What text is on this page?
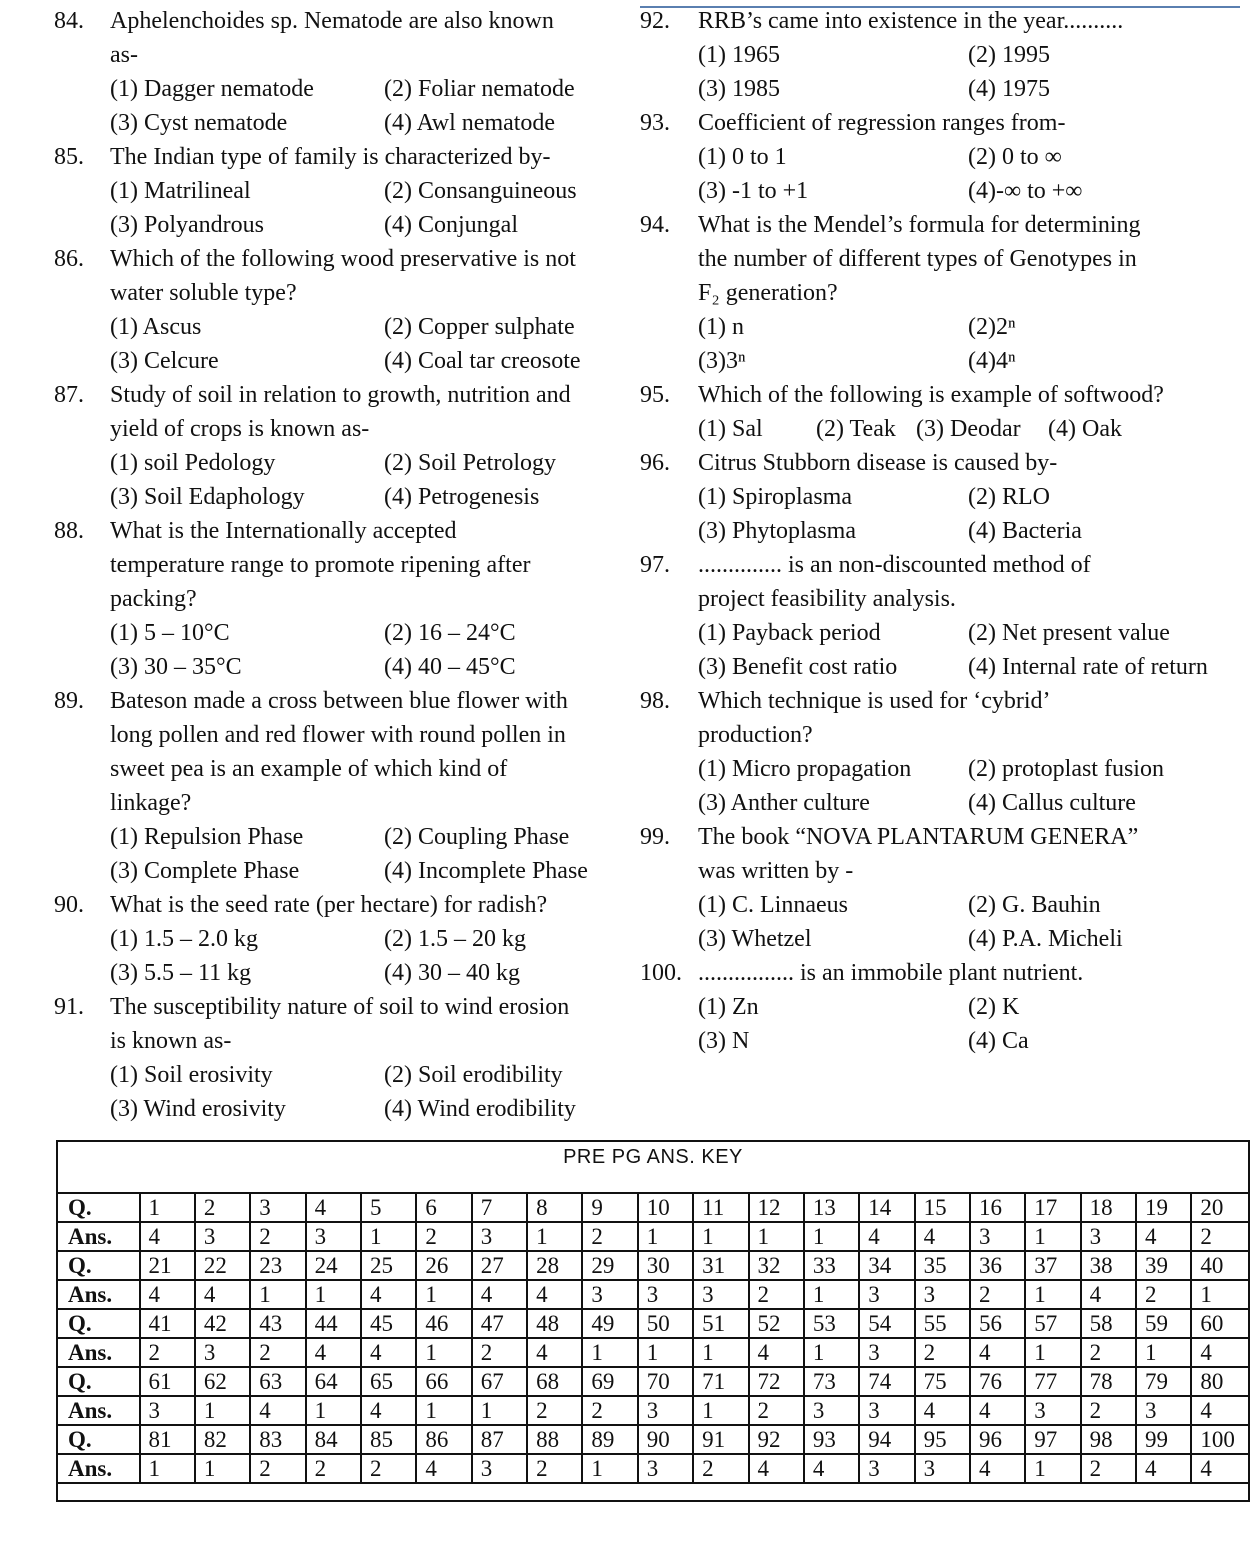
84.	Aphelenchoides sp. Nematode are also known
as-
(1) Dagger nematode	(2) Foliar nematode
(3) Cyst nematode	(4) Awl nematode
85.	The Indian type of family is characterized by-
(1) Matrilineal	(2) Consanguineous
(3) Polyandrous	(4) Conjungal
86.	Which of the following wood preservative is not
water soluble type?
(1) Ascus	(2) Copper sulphate
(3) Celcure	(4) Coal tar creosote
87.	Study of soil in relation to growth, nutrition and
yield of crops is known as-
(1) soil Pedology	(2) Soil Petrology
(3) Soil Edaphology	(4) Petrogenesis
88.	What is the Internationally accepted
temperature range to promote ripening after
packing?
(1) 5 – 10°C	(2) 16 – 24°C
(3) 30 – 35°C	(4) 40 – 45°C
89.	Bateson made a cross between blue flower with
long pollen and red flower with round pollen in
sweet pea is an example of which kind of
linkage?
(1) Repulsion Phase	(2) Coupling Phase
(3) Complete Phase	(4) Incomplete Phase
90.	What is the seed rate (per hectare) for radish?
(1) 1.5 – 2.0 kg	(2) 1.5 – 20 kg
(3) 5.5 – 11 kg	(4) 30 – 40 kg
91.	The susceptibility nature of soil to wind erosion
is known as-
(1) Soil erosivity	(2) Soil erodibility
(3) Wind erosivity	(4) Wind erodibility
92.	RRB’s came into existence in the year..........
(1) 1965	(2) 1995
(3) 1985	(4) 1975
93.	Coefficient of regression ranges from-
(1) 0 to 1	(2) 0 to ∞
(3) -1 to +1	(4)-∞ to +∞
94.	What is the Mendel’s formula for determining
the number of different types of Genotypes in
F₂ generation?
(1) n	(2)2ⁿ
(3)3ⁿ	(4)4ⁿ
95.	Which of the following is example of softwood?
(1) Sal	(2) Teak (3) Deodar	(4) Oak
96.	Citrus Stubborn disease is caused by-
(1) Spiroplasma	(2) RLO
(3) Phytoplasma	(4) Bacteria
97.	.............. is an non-discounted method of
project feasibility analysis.
(1) Payback period	(2) Net present value
(3) Benefit cost ratio	(4) Internal rate of return
98.	Which technique is used for ‘cybrid’
production?
(1) Micro propagation	(2) protoplast fusion
(3) Anther culture	(4) Callus culture
99.	The book “NOVA PLANTARUM GENERA”
was written by -
(1) C. Linnaeus	(2) G. Bauhin
(3) Whetzel	(4) P.A. Micheli
100. ................ is an immobile plant nutrient.
(1) Zn	(2) K
(3) N	(4) Ca
PRE PG ANS. KEY
Q.	1	2	3	4	5	6	7	8	9	10	11	12	13	14	15	16	17	18	19	20
Ans.	4	3	2	3	1	2	3	1	2	1	1	1	1	4	4	3	1	3	4	2
Q.	21	22	23	24	25	26	27	28	29	30	31	32	33	34	35	36	37	38	39	40
Ans.	4	4	1	1	4	1	4	4	3	3	3	2	1	3	3	2	1	4	2	1
Q.	41	42	43	44	45	46	47	48	49	50	51	52	53	54	55	56	57	58	59	60
Ans.	2	3	2	4	4	1	2	4	1	1	1	4	1	3	2	4	1	2	1	4
Q.	61	62	63	64	65	66	67	68	69	70	71	72	73	74	75	76	77	78	79	80
Ans.	3	1	4	1	4	1	1	2	2	3	1	2	3	3	4	4	3	2	3	4
Q.	81	82	83	84	85	86	87	88	89	90	91	92	93	94	95	96	97	98	99	100
Ans.	1	1	2	2	2	4	3	2	1	3	2	4	4	3	3	4	1	2	4	4
